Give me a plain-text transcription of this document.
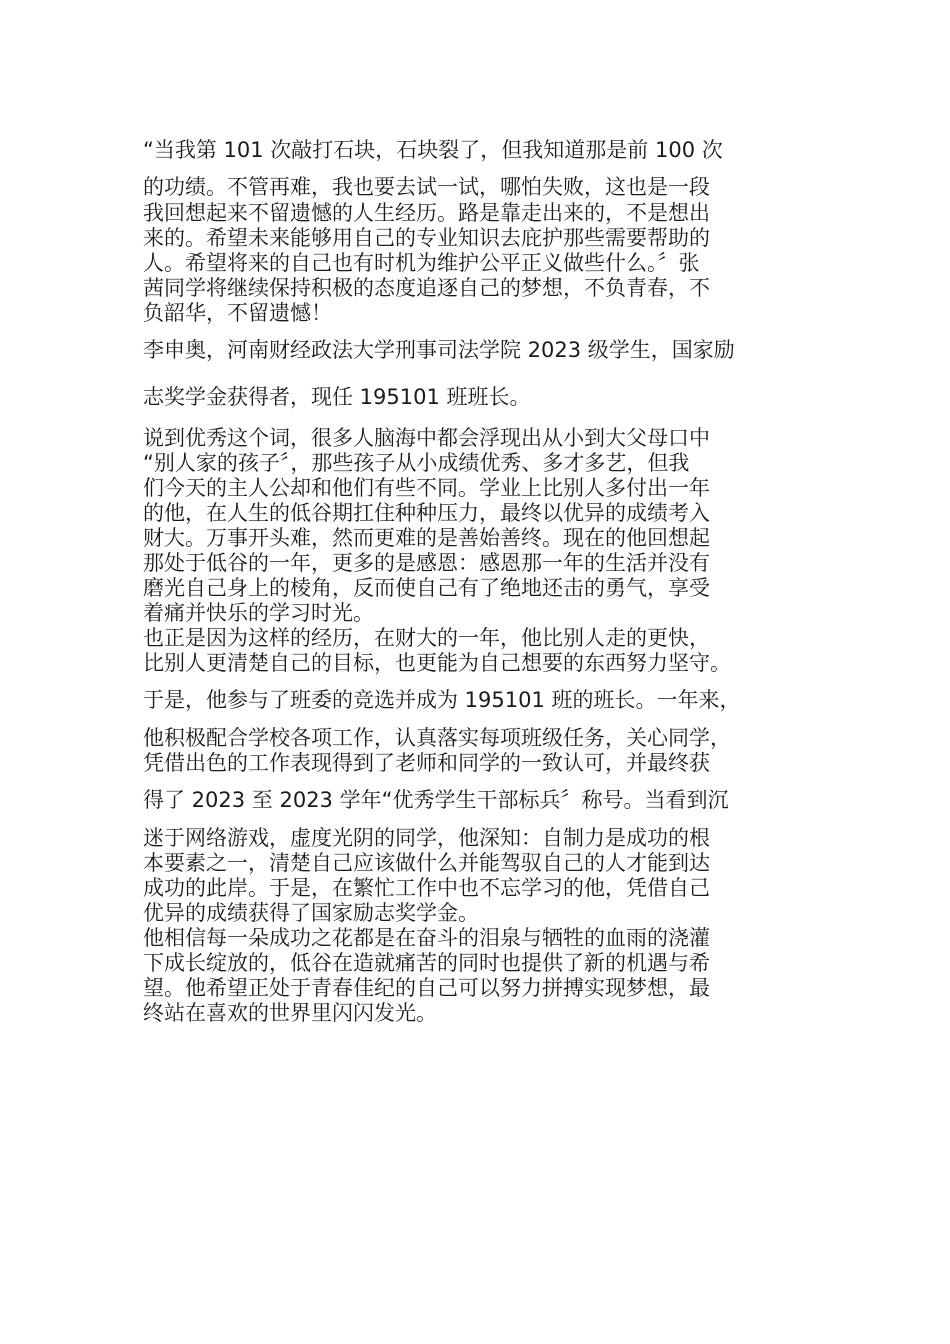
“当我第 101 次敲打石块，石块裂了，但我知道那是前 100 次
的功绩。不管再难，我也要去试一试，哪怕失败，这也是一段
我回想起来不留遗憾的人生经历。路是靠走出来的，不是想出
来的。希望未来能够用自己的专业知识去庇护那些需要帮助的
人。希望将来的自己也有时机为维护公平正义做些什么。〞张
茜同学将继续保持积极的态度追逐自己的梦想，不负青春，不
负韶华，不留遗憾！
李申奥，河南财经政法大学刑事司法学院 2023 级学生，国家励
志奖学金获得者，现任 195101 班班长。
说到优秀这个词，很多人脑海中都会浮现出从小到大父母口中
“别人家的孩子〞，那些孩子从小成绩优秀、多才多艺，但我
们今天的主人公却和他们有些不同。学业上比别人多付出一年
的他，在人生的低谷期扛住种种压力，最终以优异的成绩考入
财大。万事开头难，然而更难的是善始善终。现在的他回想起
那处于低谷的一年，更多的是感恩：感恩那一年的生活并没有
磨光自己身上的棱角，反而使自己有了绝地还击的勇气，享受
着痛并快乐的学习时光。
也正是因为这样的经历，在财大的一年，他比别人走的更快，
比别人更清楚自己的目标，也更能为自己想要的东西努力坚守。
于是，他参与了班委的竞选并成为 195101 班的班长。一年来，
他积极配合学校各项工作，认真落实每项班级任务，关心同学，
凭借出色的工作表现得到了老师和同学的一致认可，并最终获
得了 2023 至 2023 学年“优秀学生干部标兵〞称号。当看到沉
迷于网络游戏，虚度光阴的同学，他深知：自制力是成功的根
本要素之一，清楚自己应该做什么并能驾驭自己的人才能到达
成功的此岸。于是，在繁忙工作中也不忘学习的他，凭借自己
优异的成绩获得了国家励志奖学金。
他相信每一朵成功之花都是在奋斗的泪泉与牺牲的血雨的浇灌
下成长绽放的，低谷在造就痛苦的同时也提供了新的机遇与希
望。他希望正处于青春佳纪的自己可以努力拼搏实现梦想，最
终站在喜欢的世界里闪闪发光。
